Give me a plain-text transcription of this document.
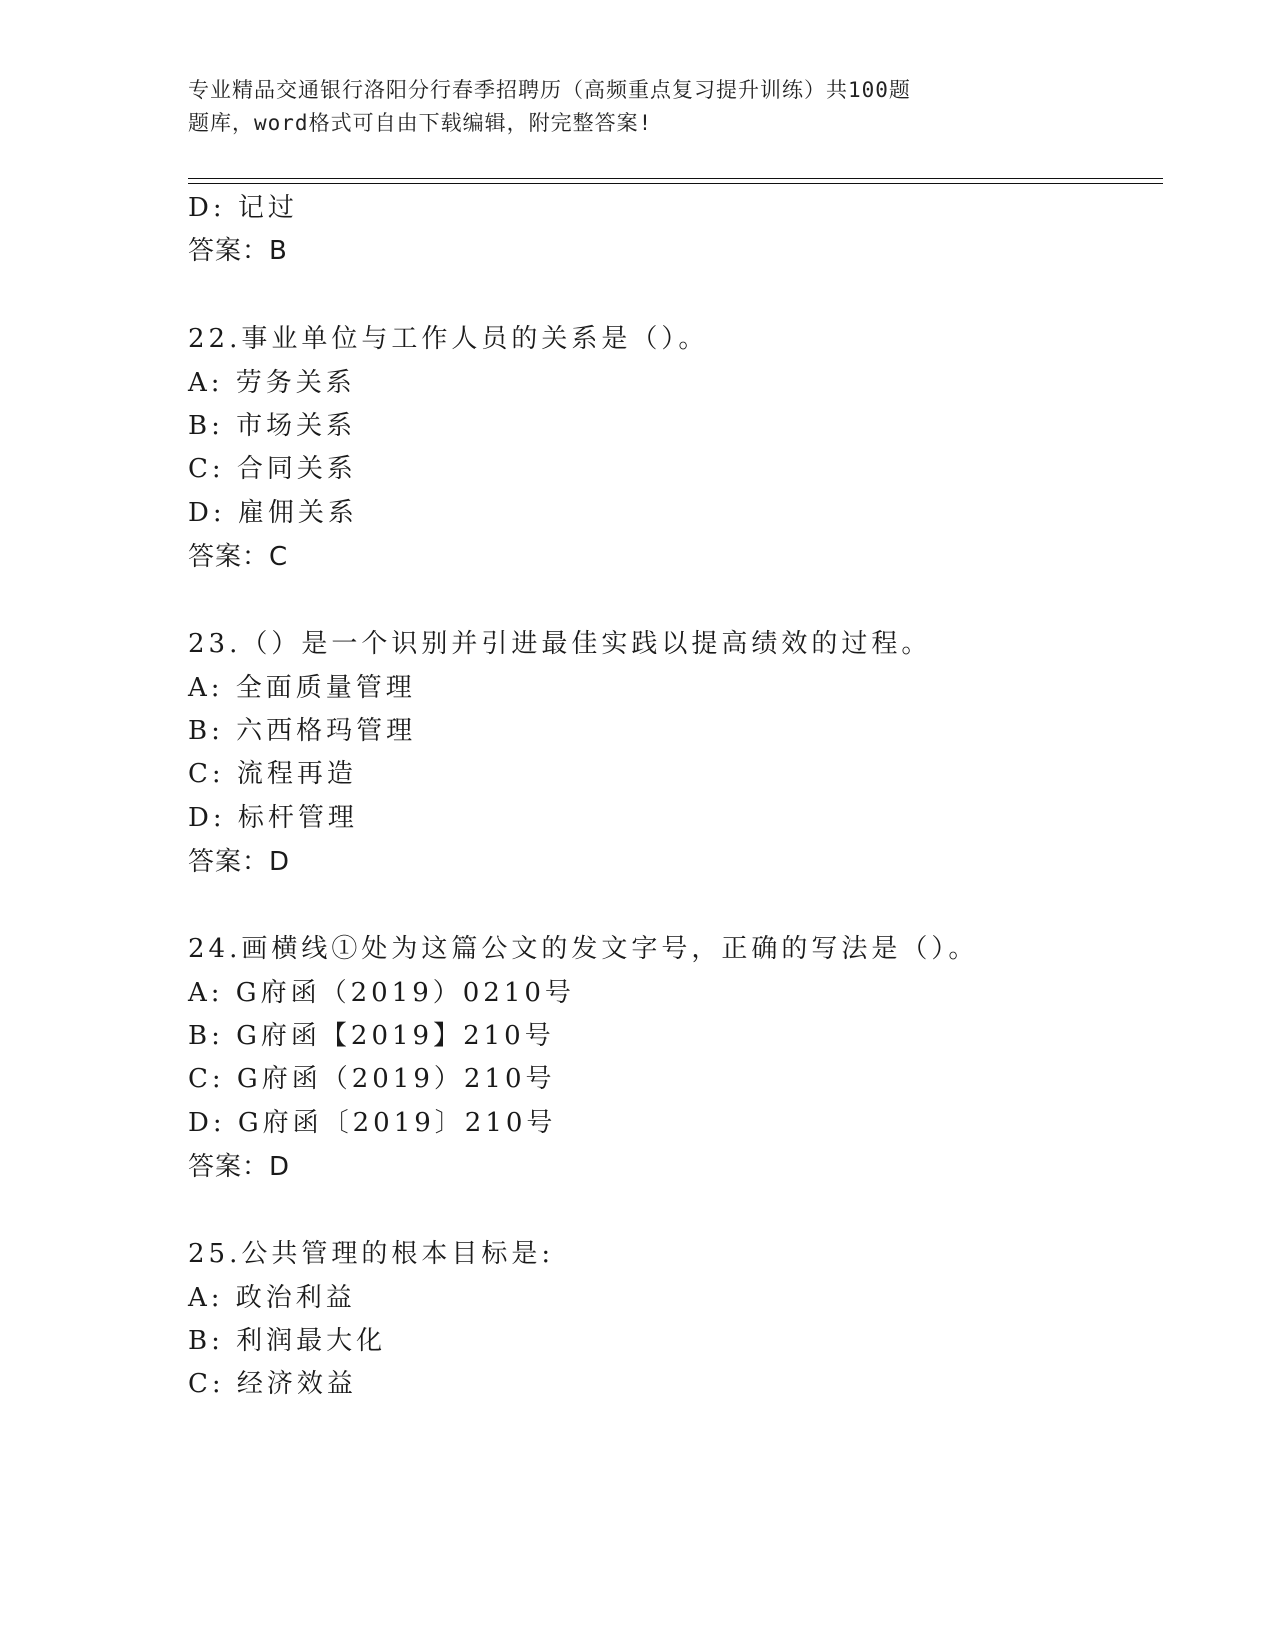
专业精品交通银行洛阳分行春季招聘历（高频重点复习提升训练）共100题
题库，word格式可自由下载编辑，附完整答案!
D: 记过
答案：B
22.事业单位与工作人员的关系是（）。
A: 劳务关系
B: 市场关系
C: 合同关系
D: 雇佣关系
答案：C
23.（）是一个识别并引进最佳实践以提高绩效的过程。
A: 全面质量管理
B: 六西格玛管理
C: 流程再造
D: 标杆管理
答案：D
24.画横线①处为这篇公文的发文字号，正确的写法是（）。
A: G府函（2019）0210号
B: G府函【2019】210号
C: G府函（2019）210号
D: G府函〔2019〕210号
答案：D
25.公共管理的根本目标是:
A: 政治利益
B: 利润最大化
C: 经济效益
